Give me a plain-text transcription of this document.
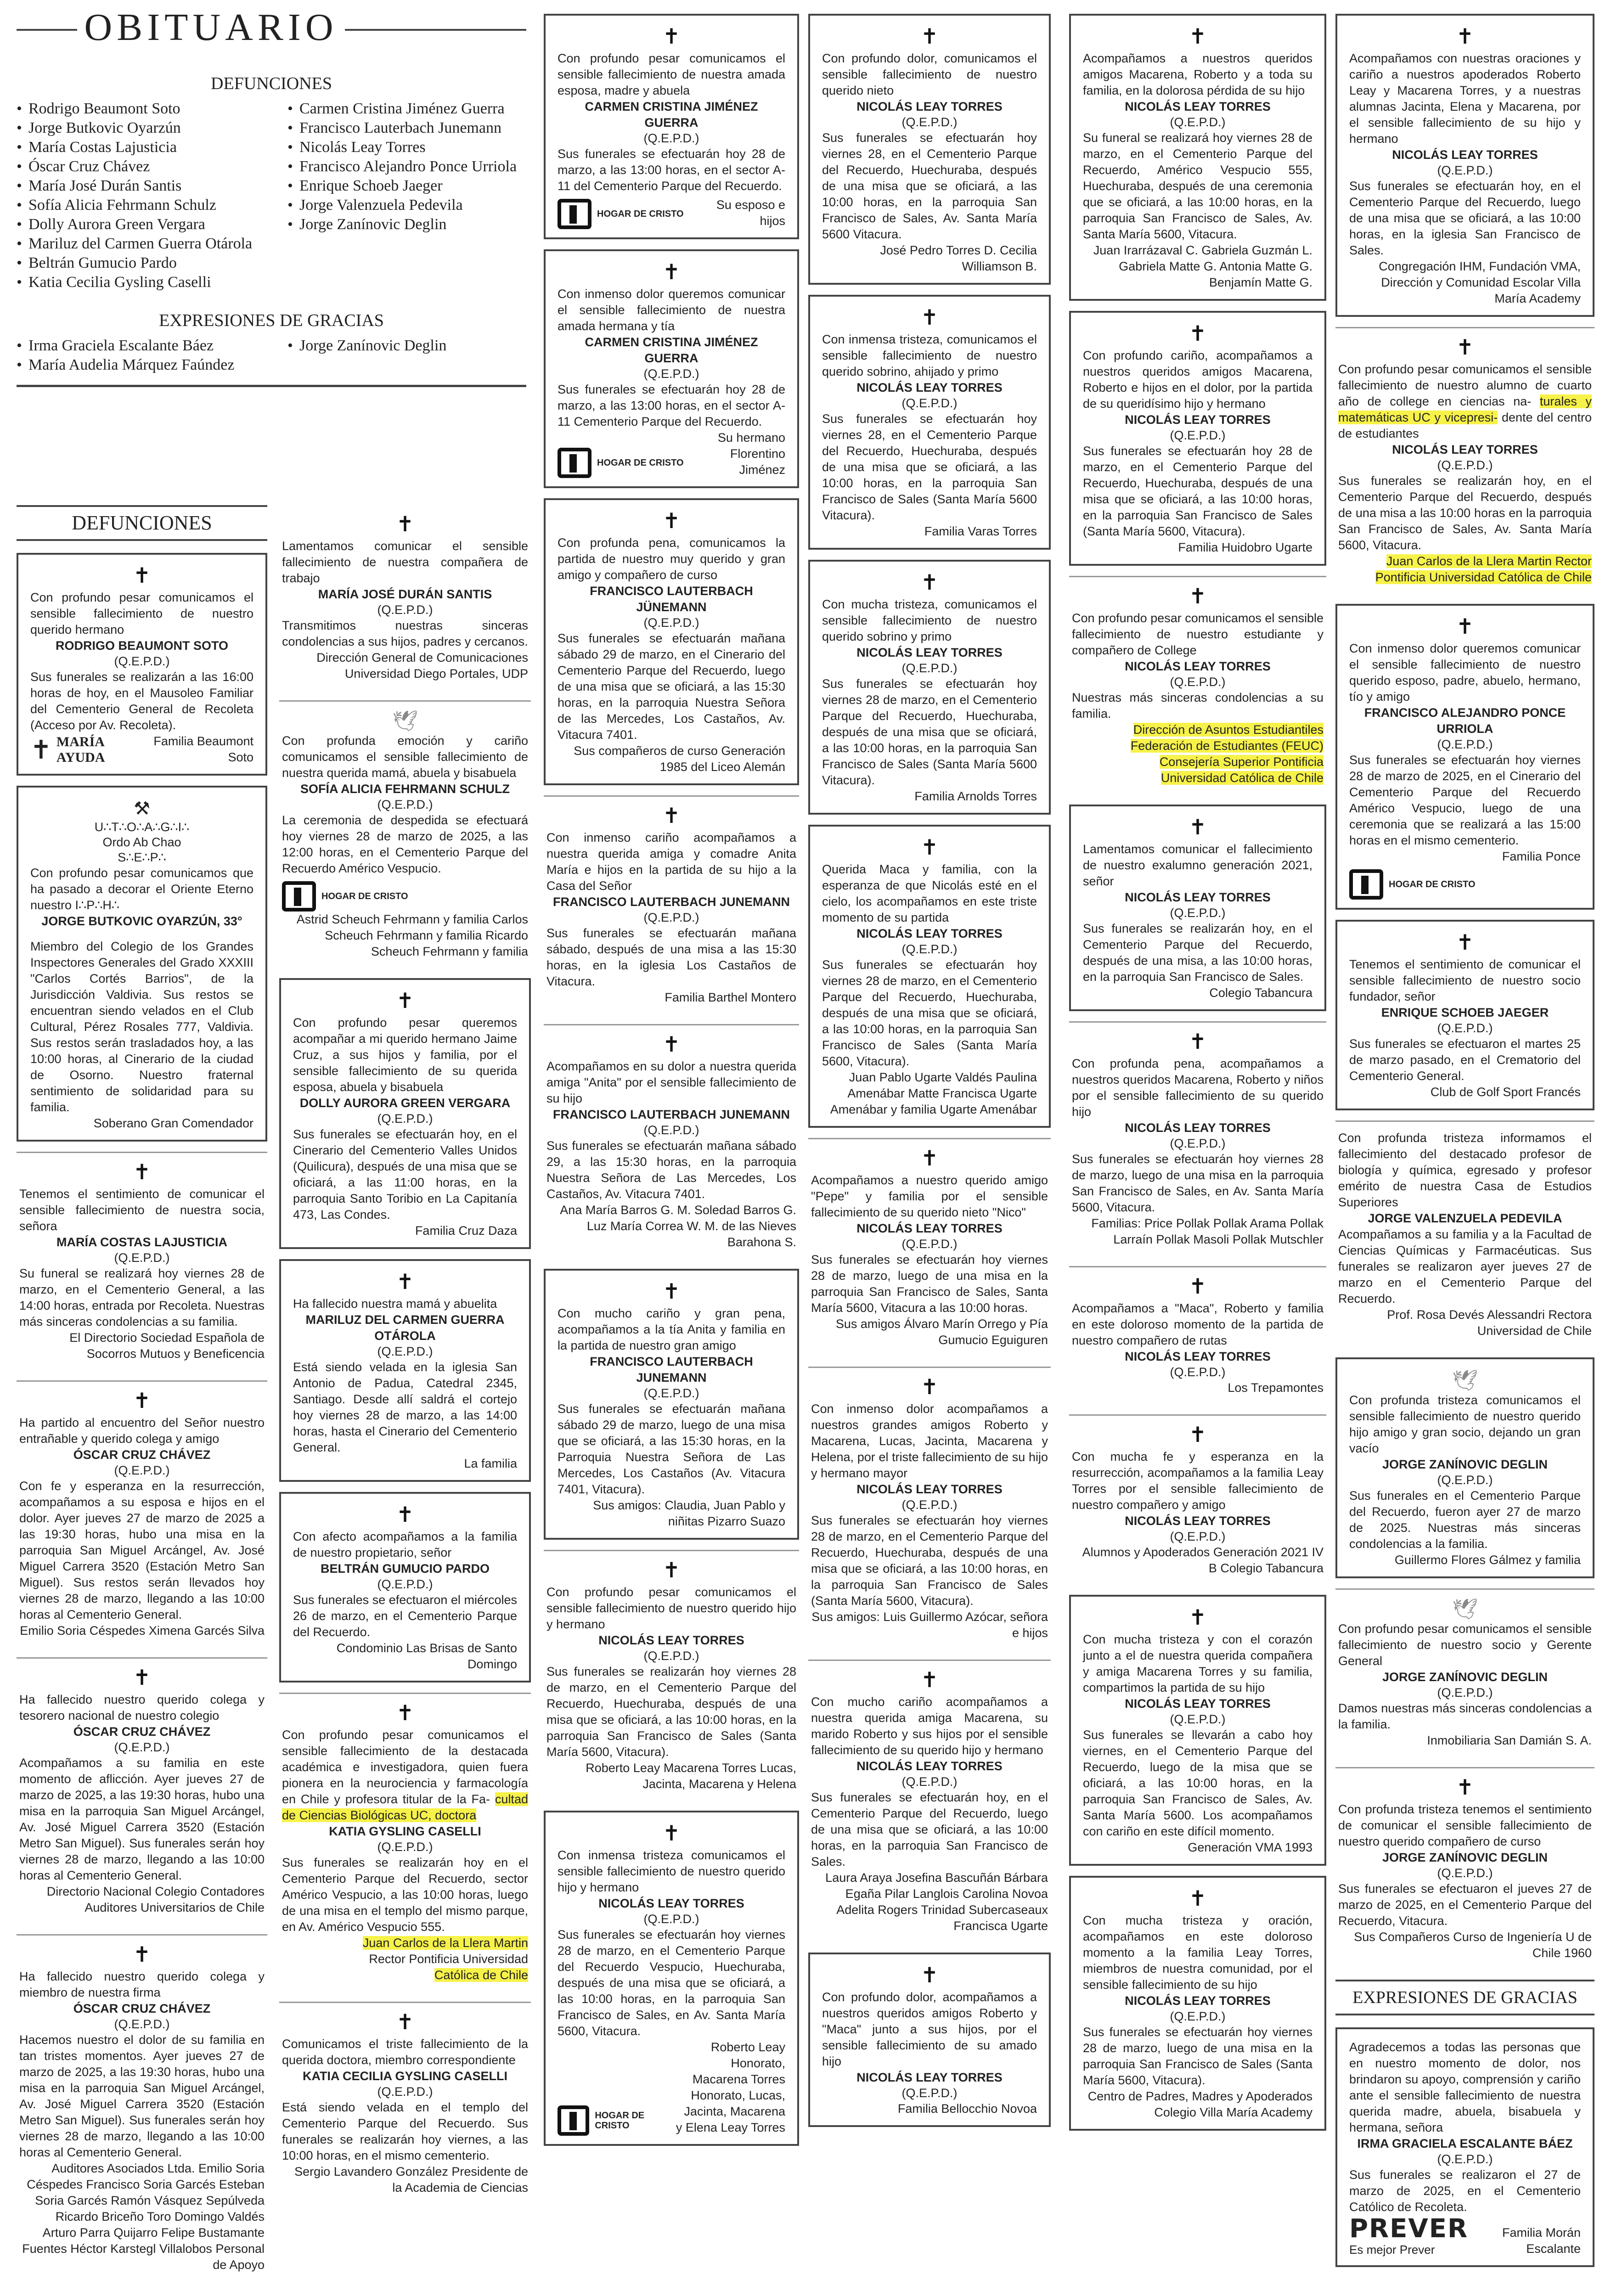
OBITUARIO
DEFUNCIONES
• Rodrigo Beaumont Soto
• Jorge Butkovic Oyarzún
• María Costas Lajusticia
• Óscar Cruz Chávez
• María José Durán Santis
• Sofía Alicia Fehrmann Schulz
• Dolly Aurora Green Vergara
• Mariluz del Carmen Guerra Otárola
• Beltrán Gumucio Pardo
• Katia Cecilia Gysling Caselli
• Carmen Cristina Jiménez Guerra
• Francisco Lauterbach Junemann
• Nicolás Leay Torres
• Francisco Alejandro Ponce Urriola
• Enrique Schoeb Jaeger
• Jorge Valenzuela Pedevila
• Jorge Zanínovic Deglin
EXPRESIONES DE GRACIAS
• Irma Graciela Escalante Báez
• María Audelia Márquez Faúndez
• Jorge Zanínovic Deglin
DEFUNCIONES
✝
Con profundo pesar comunicamos el sensible fallecimiento de nuestro querido hermano
RODRIGO BEAUMONT SOTO
(Q.E.P.D.)
Sus funerales se realizarán a las 16:00 horas de hoy, en el Mausoleo Familiar del Cementerio General de Recoleta (Acceso por Av. Recoleta).
✝ MARÍA AYUDA
Familia Beaumont Soto
⚒
U∴T∴O∴A∴G∴I∴
Ordo Ab Chao
S∴E∴P∴
Con profundo pesar comunicamos que ha pasado a decorar el Oriente Eterno nuestro I∴P∴H∴
JORGE BUTKOVIC OYARZÚN, 33°
Miembro del Colegio de los Grandes Inspectores Generales del Grado XXXIII "Carlos Cortés Barrios", de la Jurisdicción Valdivia. Sus restos se encuentran siendo velados en el Club Cultural, Pérez Rosales 777, Valdivia. Sus restos serán trasladados hoy, a las 10:00 horas, al Cinerario de la ciudad de Osorno. Nuestro fraternal sentimiento de solidaridad para su familia.
Soberano Gran Comendador
✝
Tenemos el sentimiento de comunicar el sensible fallecimiento de nuestra socia, señora
MARÍA COSTAS LAJUSTICIA
(Q.E.P.D.)
Su funeral se realizará hoy viernes 28 de marzo, en el Cementerio General, a las 14:00 horas, entrada por Recoleta. Nuestras más sinceras condolencias a su familia.
El Directorio Sociedad Española de Socorros Mutuos y Beneficencia
✝
Ha partido al encuentro del Señor nuestro entrañable y querido colega y amigo
ÓSCAR CRUZ CHÁVEZ
(Q.E.P.D.)
Con fe y esperanza en la resurrección, acompañamos a su esposa e hijos en el dolor. Ayer jueves 27 de marzo de 2025 a las 19:30 horas, hubo una misa en la parroquia San Miguel Arcángel, Av. José Miguel Carrera 3520 (Estación Metro San Miguel). Sus restos serán llevados hoy viernes 28 de marzo, llegando a las 10:00 horas al Cementerio General.
Emilio Soria Céspedes Ximena Garcés Silva
✝
Ha fallecido nuestro querido colega y tesorero nacional de nuestro colegio
ÓSCAR CRUZ CHÁVEZ
(Q.E.P.D.)
Acompañamos a su familia en este momento de aflicción. Ayer jueves 27 de marzo de 2025, a las 19:30 horas, hubo una misa en la parroquia San Miguel Arcángel, Av. José Miguel Carrera 3520 (Estación Metro San Miguel). Sus funerales serán hoy viernes 28 de marzo, llegando a las 10:00 horas al Cementerio General.
Directorio Nacional Colegio Contadores Auditores Universitarios de Chile
✝
Ha fallecido nuestro querido colega y miembro de nuestra firma
ÓSCAR CRUZ CHÁVEZ
(Q.E.P.D.)
Hacemos nuestro el dolor de su familia en tan tristes momentos. Ayer jueves 27 de marzo de 2025, a las 19:30 horas, hubo una misa en la parroquia San Miguel Arcángel, Av. José Miguel Carrera 3520 (Estación Metro San Miguel). Sus funerales serán hoy viernes 28 de marzo, llegando a las 10:00 horas al Cementerio General.
Auditores Asociados Ltda. Emilio Soria Céspedes Francisco Soria Garcés Esteban Soria Garcés Ramón Vásquez Sepúlveda Ricardo Briceño Toro Domingo Valdés Arturo Parra Quijarro Felipe Bustamante Fuentes Héctor Karstegl Villalobos Personal de Apoyo
✝
Lamentamos comunicar el sensible fallecimiento de nuestra compañera de trabajo
MARÍA JOSÉ DURÁN SANTIS
(Q.E.P.D.)
Transmitimos nuestras sinceras condolencias a sus hijos, padres y cercanos.
Dirección General de Comunicaciones Universidad Diego Portales, UDP
🕊
Con profunda emoción y cariño comunicamos el sensible fallecimiento de nuestra querida mamá, abuela y bisabuela
SOFÍA ALICIA FEHRMANN SCHULZ
(Q.E.P.D.)
La ceremonia de despedida se efectuará hoy viernes 28 de marzo de 2025, a las 12:00 horas, en el Cementerio Parque del Recuerdo Américo Vespucio.
HOGAR DE CRISTO
Astrid Scheuch Fehrmann y familia Carlos Scheuch Fehrmann y familia Ricardo Scheuch Fehrmann y familia
✝
Con profundo pesar queremos acompañar a mi querido hermano Jaime Cruz, a sus hijos y familia, por el sensible fallecimiento de su querida esposa, abuela y bisabuela
DOLLY AURORA GREEN VERGARA
(Q.E.P.D.)
Sus funerales se efectuarán hoy, en el Cinerario del Cementerio Valles Unidos (Quilicura), después de una misa que se oficiará, a las 11:00 horas, en la parroquia Santo Toribio en La Capitanía 473, Las Condes.
Familia Cruz Daza
✝
Ha fallecido nuestra mamá y abuelita
MARILUZ DEL CARMEN GUERRA OTÁROLA
(Q.E.P.D.)
Está siendo velada en la iglesia San Antonio de Padua, Catedral 2345, Santiago. Desde allí saldrá el cortejo hoy viernes 28 de marzo, a las 14:00 horas, hasta el Cinerario del Cementerio General.
La familia
✝
Con afecto acompañamos a la familia de nuestro propietario, señor
BELTRÁN GUMUCIO PARDO
(Q.E.P.D.)
Sus funerales se efectuaron el miércoles 26 de marzo, en el Cementerio Parque del Recuerdo.
Condominio Las Brisas de Santo Domingo
✝
Con profundo pesar comunicamos el sensible fallecimiento de la destacada académica e investigadora, quien fuera pionera en la neurociencia y farmacología en Chile y profesora titular de la Fa- cultad de Ciencias Biológicas UC, doctora
KATIA GYSLING CASELLI
(Q.E.P.D.)
Sus funerales se realizarán hoy en el Cementerio Parque del Recuerdo, sector Américo Vespucio, a las 10:00 horas, luego de una misa en el templo del mismo parque, en Av. Américo Vespucio 555.
Juan Carlos de la Llera Martin
Rector Pontificia Universidad
Católica de Chile
✝
Comunicamos el triste fallecimiento de la querida doctora, miembro correspondiente
KATIA CECILIA GYSLING CASELLI
(Q.E.P.D.)
Está siendo velada en el templo del Cementerio Parque del Recuerdo. Sus funerales se realizarán hoy viernes, a las 10:00 horas, en el mismo cementerio.
Sergio Lavandero González Presidente de la Academia de Ciencias
✝
Con profundo pesar comunicamos el sensible fallecimiento de nuestra amada esposa, madre y abuela
CARMEN CRISTINA JIMÉNEZ GUERRA
(Q.E.P.D.)
Sus funerales se efectuarán hoy 28 de marzo, a las 13:00 horas, en el sector A-11 del Cementerio Parque del Recuerdo.
HOGAR DE CRISTO
Su esposo e hijos
✝
Con inmenso dolor queremos comunicar el sensible fallecimiento de nuestra amada hermana y tía
CARMEN CRISTINA JIMÉNEZ GUERRA
(Q.E.P.D.)
Sus funerales se efectuarán hoy 28 de marzo, a las 13:00 horas, en el sector A-11 Cementerio Parque del Recuerdo.
HOGAR DE CRISTO
Su hermano Florentino Jiménez
✝
Con profunda pena, comunicamos la partida de nuestro muy querido y gran amigo y compañero de curso
FRANCISCO LAUTERBACH JÜNEMANN
(Q.E.P.D.)
Sus funerales se efectuarán mañana sábado 29 de marzo, en el Cinerario del Cementerio Parque del Recuerdo, luego de una misa que se oficiará, a las 15:30 horas, en la parroquia Nuestra Señora de las Mercedes, Los Castaños, Av. Vitacura 7401.
Sus compañeros de curso Generación 1985 del Liceo Alemán
✝
Con inmenso cariño acompañamos a nuestra querida amiga y comadre Anita María e hijos en la partida de su hijo a la Casa del Señor
FRANCISCO LAUTERBACH JUNEMANN
(Q.E.P.D.)
Sus funerales se efectuarán mañana sábado, después de una misa a las 15:30 horas, en la iglesia Los Castaños de Vitacura.
Familia Barthel Montero
✝
Acompañamos en su dolor a nuestra querida amiga "Anita" por el sensible fallecimiento de su hijo
FRANCISCO LAUTERBACH JUNEMANN
(Q.E.P.D.)
Sus funerales se efectuarán mañana sábado 29, a las 15:30 horas, en la parroquia Nuestra Señora de Las Mercedes, Los Castaños, Av. Vitacura 7401.
Ana María Barros G. M. Soledad Barros G. Luz María Correa W. M. de las Nieves Barahona S.
✝
Con mucho cariño y gran pena, acompañamos a la tía Anita y familia en la partida de nuestro gran amigo
FRANCISCO LAUTERBACH JUNEMANN
(Q.E.P.D.)
Sus funerales se efectuarán mañana sábado 29 de marzo, luego de una misa que se oficiará, a las 15:30 horas, en la Parroquia Nuestra Señora de Las Mercedes, Los Castaños (Av. Vitacura 7401, Vitacura).
Sus amigos: Claudia, Juan Pablo y niñitas Pizarro Suazo
✝
Con profundo pesar comunicamos el sensible fallecimiento de nuestro querido hijo y hermano
NICOLÁS LEAY TORRES
(Q.E.P.D.)
Sus funerales se realizarán hoy viernes 28 de marzo, en el Cementerio Parque del Recuerdo, Huechuraba, después de una misa que se oficiará, a las 10:00 horas, en la parroquia San Francisco de Sales (Santa María 5600, Vitacura).
Roberto Leay Macarena Torres Lucas, Jacinta, Macarena y Helena
✝
Con inmensa tristeza comunicamos el sensible fallecimiento de nuestro querido hijo y hermano
NICOLÁS LEAY TORRES
(Q.E.P.D.)
Sus funerales se efectuarán hoy viernes 28 de marzo, en el Cementerio Parque del Recuerdo Vespucio, Huechuraba, después de una misa que se oficiará, a las 10:00 horas, en la parroquia San Francisco de Sales, en Av. Santa María 5600, Vitacura.
HOGAR DE CRISTO
Roberto Leay Honorato, Macarena Torres Honorato, Lucas, Jacinta, Macarena y Elena Leay Torres
✝
Con profundo dolor, comunicamos el sensible fallecimiento de nuestro querido nieto
NICOLÁS LEAY TORRES
(Q.E.P.D.)
Sus funerales se efectuarán hoy viernes 28, en el Cementerio Parque del Recuerdo, Huechuraba, después de una misa que se oficiará, a las 10:00 horas, en la parroquia San Francisco de Sales, Av. Santa María 5600 Vitacura.
José Pedro Torres D. Cecilia Williamson B.
✝
Con inmensa tristeza, comunicamos el sensible fallecimiento de nuestro querido sobrino, ahijado y primo
NICOLÁS LEAY TORRES
(Q.E.P.D.)
Sus funerales se efectuarán hoy viernes 28, en el Cementerio Parque del Recuerdo, Huechuraba, después de una misa que se oficiará, a las 10:00 horas, en la parroquia San Francisco de Sales (Santa María 5600 Vitacura).
Familia Varas Torres
✝
Con mucha tristeza, comunicamos el sensible fallecimiento de nuestro querido sobrino y primo
NICOLÁS LEAY TORRES
(Q.E.P.D.)
Sus funerales se efectuarán hoy viernes 28 de marzo, en el Cementerio Parque del Recuerdo, Huechuraba, después de una misa que se oficiará, a las 10:00 horas, en la parroquia San Francisco de Sales (Santa María 5600 Vitacura).
Familia Arnolds Torres
✝
Querida Maca y familia, con la esperanza de que Nicolás esté en el cielo, los acompañamos en este triste momento de su partida
NICOLÁS LEAY TORRES
(Q.E.P.D.)
Sus funerales se efectuarán hoy viernes 28 de marzo, en el Cementerio Parque del Recuerdo, Huechuraba, después de una misa que se oficiará, a las 10:00 horas, en la parroquia San Francisco de Sales (Santa María 5600, Vitacura).
Juan Pablo Ugarte Valdés Paulina Amenábar Matte Francisca Ugarte Amenábar y familia Ugarte Amenábar
✝
Acompañamos a nuestro querido amigo "Pepe" y familia por el sensible fallecimiento de su querido nieto "Nico"
NICOLÁS LEAY TORRES
(Q.E.P.D.)
Sus funerales se efectuarán hoy viernes 28 de marzo, luego de una misa en la parroquia San Francisco de Sales, Santa María 5600, Vitacura a las 10:00 horas.
Sus amigos Álvaro Marín Orrego y Pía Gumucio Eguiguren
✝
Con inmenso dolor acompañamos a nuestros grandes amigos Roberto y Macarena, Lucas, Jacinta, Macarena y Helena, por el triste fallecimiento de su hijo y hermano mayor
NICOLÁS LEAY TORRES
(Q.E.P.D.)
Sus funerales se efectuarán hoy viernes 28 de marzo, en el Cementerio Parque del Recuerdo, Huechuraba, después de una misa que se oficiará, a las 10:00 horas, en la parroquia San Francisco de Sales (Santa María 5600, Vitacura).
Sus amigos: Luis Guillermo Azócar, señora e hijos
✝
Con mucho cariño acompañamos a nuestra querida amiga Macarena, su marido Roberto y sus hijos por el sensible fallecimiento de su querido hijo y hermano
NICOLÁS LEAY TORRES
(Q.E.P.D.)
Sus funerales se efectuarán hoy, en el Cementerio Parque del Recuerdo, luego de una misa que se oficiará, a las 10:00 horas, en la parroquia San Francisco de Sales.
Laura Araya Josefina Bascuñán Bárbara Egaña Pilar Langlois Carolina Novoa Adelita Rogers Trinidad Subercaseaux Francisca Ugarte
✝
Con profundo dolor, acompañamos a nuestros queridos amigos Roberto y "Maca" junto a sus hijos, por el sensible fallecimiento de su amado hijo
NICOLÁS LEAY TORRES
(Q.E.P.D.)
Familia Bellocchio Novoa
✝
Acompañamos a nuestros queridos amigos Macarena, Roberto y a toda su familia, en la dolorosa pérdida de su hijo
NICOLÁS LEAY TORRES
(Q.E.P.D.)
Su funeral se realizará hoy viernes 28 de marzo, en el Cementerio Parque del Recuerdo, Américo Vespucio 555, Huechuraba, después de una ceremonia que se oficiará, a las 10:00 horas, en la parroquia San Francisco de Sales, Av. Santa María 5600, Vitacura.
Juan Irarrázaval C. Gabriela Guzmán L. Gabriela Matte G. Antonia Matte G. Benjamín Matte G.
✝
Con profundo cariño, acompañamos a nuestros queridos amigos Macarena, Roberto e hijos en el dolor, por la partida de su queridísimo hijo y hermano
NICOLÁS LEAY TORRES
(Q.E.P.D.)
Sus funerales se efectuarán hoy 28 de marzo, en el Cementerio Parque del Recuerdo, Huechuraba, después de una misa que se oficiará, a las 10:00 horas, en la parroquia San Francisco de Sales (Santa María 5600, Vitacura).
Familia Huidobro Ugarte
✝
Con profundo pesar comunicamos el sensible fallecimiento de nuestro estudiante y compañero de College
NICOLÁS LEAY TORRES
(Q.E.P.D.)
Nuestras más sinceras condolencias a su familia.
Dirección de Asuntos Estudiantiles
Federación de Estudiantes (FEUC)
Consejería Superior Pontificia
Universidad Católica de Chile
✝
Lamentamos comunicar el fallecimiento de nuestro exalumno generación 2021, señor
NICOLÁS LEAY TORRES
(Q.E.P.D.)
Sus funerales se realizarán hoy, en el Cementerio Parque del Recuerdo, después de una misa, a las 10:00 horas, en la parroquia San Francisco de Sales.
Colegio Tabancura
✝
Con profunda pena, acompañamos a nuestros queridos Macarena, Roberto y niños por el sensible fallecimiento de su querido hijo
NICOLÁS LEAY TORRES
(Q.E.P.D.)
Sus funerales se efectuarán hoy viernes 28 de marzo, luego de una misa en la parroquia San Francisco de Sales, en Av. Santa María 5600, Vitacura.
Familias: Price Pollak Pollak Arama Pollak Larraín Pollak Masoli Pollak Mutschler
✝
Acompañamos a "Maca", Roberto y familia en este doloroso momento de la partida de nuestro compañero de rutas
NICOLÁS LEAY TORRES
(Q.E.P.D.)
Los Trepamontes
✝
Con mucha fe y esperanza en la resurrección, acompañamos a la familia Leay Torres por el sensible fallecimiento de nuestro compañero y amigo
NICOLÁS LEAY TORRES
(Q.E.P.D.)
Alumnos y Apoderados Generación 2021 IV B Colegio Tabancura
✝
Con mucha tristeza y con el corazón junto a el de nuestra querida compañera y amiga Macarena Torres y su familia, compartimos la partida de su hijo
NICOLÁS LEAY TORRES
(Q.E.P.D.)
Sus funerales se llevarán a cabo hoy viernes, en el Cementerio Parque del Recuerdo, luego de la misa que se oficiará, a las 10:00 horas, en la parroquia San Francisco de Sales, Av. Santa María 5600. Los acompañamos con cariño en este difícil momento.
Generación VMA 1993
✝
Con mucha tristeza y oración, acompañamos en este doloroso momento a la familia Leay Torres, miembros de nuestra comunidad, por el sensible fallecimiento de su hijo
NICOLÁS LEAY TORRES
(Q.E.P.D.)
Sus funerales se efectuarán hoy viernes 28 de marzo, luego de una misa en la parroquia San Francisco de Sales (Santa María 5600, Vitacura).
Centro de Padres, Madres y Apoderados Colegio Villa María Academy
✝
Acompañamos con nuestras oraciones y cariño a nuestros apoderados Roberto Leay y Macarena Torres, y a nuestras alumnas Jacinta, Elena y Macarena, por el sensible fallecimiento de su hijo y hermano
NICOLÁS LEAY TORRES
(Q.E.P.D.)
Sus funerales se efectuarán hoy, en el Cementerio Parque del Recuerdo, luego de una misa que se oficiará, a las 10:00 horas, en la iglesia San Francisco de Sales.
Congregación IHM, Fundación VMA, Dirección y Comunidad Escolar Villa María Academy
✝
Con profundo pesar comunicamos el sensible fallecimiento de nuestro alumno de cuarto año de college en ciencias na- turales y matemáticas UC y vicepresi- dente del centro de estudiantes
NICOLÁS LEAY TORRES
(Q.E.P.D.)
Sus funerales se realizarán hoy, en el Cementerio Parque del Recuerdo, después de una misa a las 10:00 horas en la parroquia San Francisco de Sales, Av. Santa María 5600, Vitacura.
Juan Carlos de la Llera Martin Rector
Pontificia Universidad Católica de Chile
✝
Con inmenso dolor queremos comunicar el sensible fallecimiento de nuestro querido esposo, padre, abuelo, hermano, tío y amigo
FRANCISCO ALEJANDRO PONCE URRIOLA
(Q.E.P.D.)
Sus funerales se efectuarán hoy viernes 28 de marzo de 2025, en el Cinerario del Cementerio Parque del Recuerdo Américo Vespucio, luego de una ceremonia que se realizará a las 15:00 horas en el mismo cementerio.
Familia Ponce
HOGAR DE CRISTO
✝
Tenemos el sentimiento de comunicar el sensible fallecimiento de nuestro socio fundador, señor
ENRIQUE SCHOEB JAEGER
(Q.E.P.D.)
Sus funerales se efectuaron el martes 25 de marzo pasado, en el Crematorio del Cementerio General.
Club de Golf Sport Francés
Con profunda tristeza informamos el fallecimiento del destacado profesor de biología y química, egresado y profesor emérito de nuestra Casa de Estudios Superiores
JORGE VALENZUELA PEDEVILA
Acompañamos a su familia y a la Facultad de Ciencias Químicas y Farmacéuticas. Sus funerales se realizaron ayer jueves 27 de marzo en el Cementerio Parque del Recuerdo.
Prof. Rosa Devés Alessandri Rectora Universidad de Chile
🕊
Con profunda tristeza comunicamos el sensible fallecimiento de nuestro querido hijo amigo y gran socio, dejando un gran vacío
JORGE ZANÍNOVIC DEGLIN
(Q.E.P.D.)
Sus funerales en el Cementerio Parque del Recuerdo, fueron ayer 27 de marzo de 2025. Nuestras más sinceras condolencias a la familia.
Guillermo Flores Gálmez y familia
🕊
Con profundo pesar comunicamos el sensible fallecimiento de nuestro socio y Gerente General
JORGE ZANÍNOVIC DEGLIN
(Q.E.P.D.)
Damos nuestras más sinceras condolencias a la familia.
Inmobiliaria San Damián S. A.
✝
Con profunda tristeza tenemos el sentimiento de comunicar el sensible fallecimiento de nuestro querido compañero de curso
JORGE ZANÍNOVIC DEGLIN
(Q.E.P.D.)
Sus funerales se efectuaron el jueves 27 de marzo de 2025, en el Cementerio Parque del Recuerdo, Vitacura.
Sus Compañeros Curso de Ingeniería U de Chile 1960
EXPRESIONES DE GRACIAS
Agradecemos a todas las personas que en nuestro momento de dolor, nos brindaron su apoyo, comprensión y cariño ante el sensible fallecimiento de nuestra querida madre, abuela, bisabuela y hermana, señora
IRMA GRACIELA ESCALANTE BÁEZ
(Q.E.P.D.)
Sus funerales se realizaron el 27 de marzo de 2025, en el Cementerio Católico de Recoleta.
PREVER
Es mejor Prever
Familia Morán Escalante
